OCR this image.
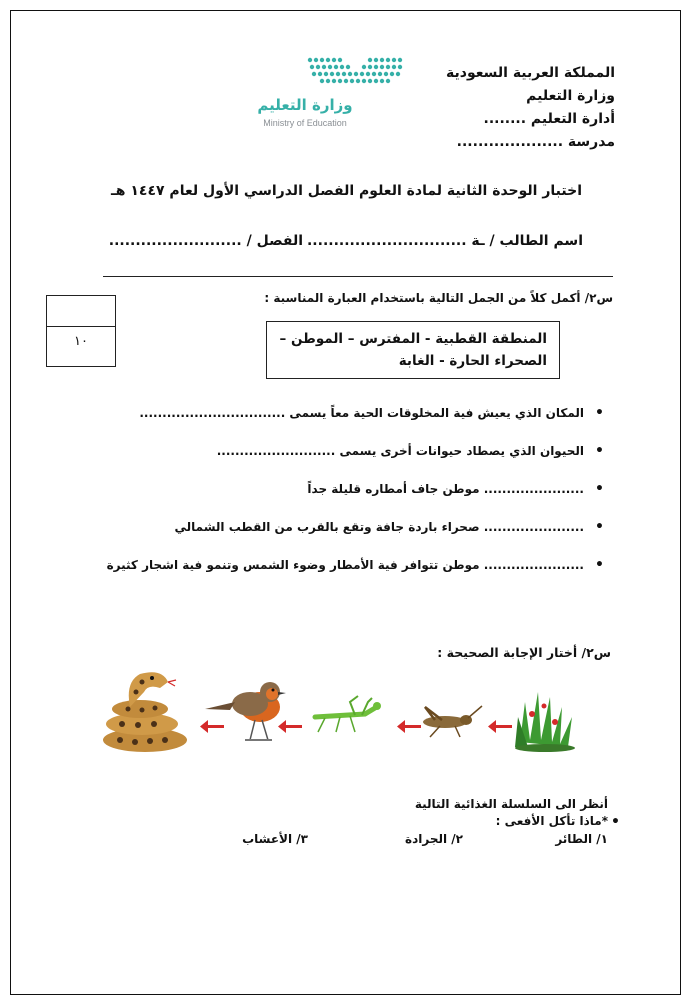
المملكة العربية السعودية
وزارة التعليم
أدارة التعليم ........
مدرسة ....................
وزارة التعليم
Ministry of Education
اختبار الوحدة الثانية لمادة العلوم الفصل الدراسي الأول لعام ١٤٤٧ هـ
اسم الطالب / ـة ..............................
الفصل / .........................
١٠
س٢/ أكمل كلاً من الجمل التالية باستخدام العبارة المناسبة :
المنطقة القطبية - المفترس – الموطن –
الصحراء الحارة - الغابة
• المكان الذي يعيش فية المخلوقات الحية معاً يسمى ................................
• الحيوان الذي يصطاد حيوانات أخرى يسمى ..........................
• ...................... موطن جاف أمطاره قليلة جداً
• ...................... صحراء باردة جافة وتقع بالقرب من القطب الشمالي
• ...................... موطن تتوافر فية الأمطار وضوء الشمس وتنمو فية اشجار كثيرة
س٢/ أختار الإجابة الصحيحة :
أنظر الى السلسلة الغذائية التالية
•
*ماذا تأكل الأفعى :
١/ الطائر
٢/ الجرادة
٣/ الأعشاب
